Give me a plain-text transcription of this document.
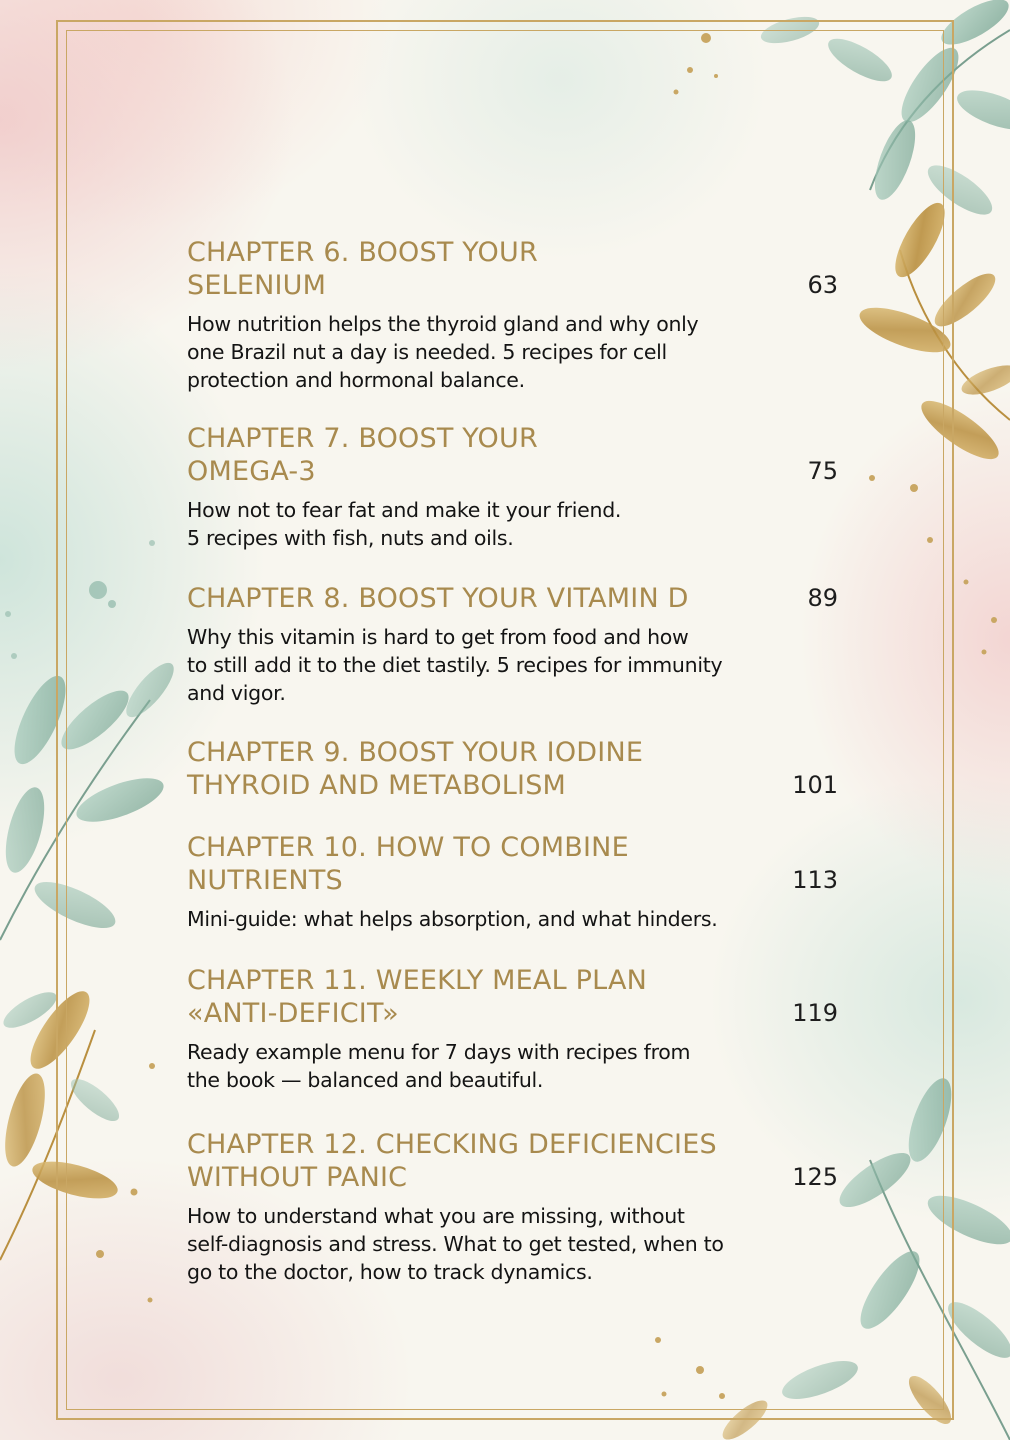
CHAPTER 6. BOOST YOUR
SELENIUM	63
How nutrition helps the thyroid gland and why only
one Brazil nut a day is needed. 5 recipes for cell
protection and hormonal balance.
CHAPTER 7. BOOST YOUR
OMEGA-3	75
How not to fear fat and make it your friend.
5 recipes with fish, nuts and oils.
CHAPTER 8. BOOST YOUR VITAMIN D	89
Why this vitamin is hard to get from food and how
to still add it to the diet tastily. 5 recipes for immunity
and vigor.
CHAPTER 9. BOOST YOUR IODINE
THYROID AND METABOLISM	101
CHAPTER 10. HOW TO COMBINE
NUTRIENTS	113
Mini-guide: what helps absorption, and what hinders.
CHAPTER 11. WEEKLY MEAL PLAN
«ANTI-DEFICIT»	119
Ready example menu for 7 days with recipes from
the book — balanced and beautiful.
CHAPTER 12. CHECKING DEFICIENCIES
WITHOUT PANIC	125
How to understand what you are missing, without
self-diagnosis and stress. What to get tested, when to
go to the doctor, how to track dynamics.
